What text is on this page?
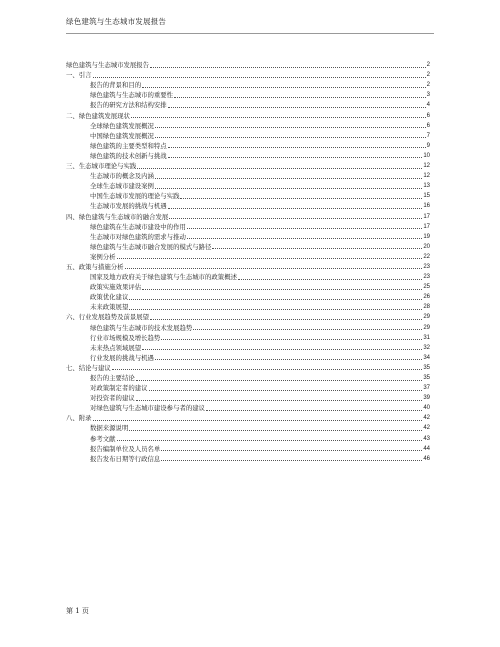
绿色建筑与生态城市发展报告
绿色建筑与生态城市发展报告	2
一、引言	2
报告的背景和目的	2
绿色建筑与生态城市的重要性	3
报告的研究方法和结构安排	4
二、绿色建筑发展现状	6
全球绿色建筑发展概况	6
中国绿色建筑发展概况	7
绿色建筑的主要类型和特点	9
绿色建筑的技术创新与挑战	10
三、生态城市理论与实践	12
生态城市的概念及内涵	12
全球生态城市建设案例	13
中国生态城市发展的理论与实践	15
生态城市发展的挑战与机遇	16
四、绿色建筑与生态城市的融合发展	17
绿色建筑在生态城市建设中的作用	17
生态城市对绿色建筑的需求与推动	19
绿色建筑与生态城市融合发展的模式与路径	20
案例分析	22
五、政策与措施分析	23
国家及地方政府关于绿色建筑与生态城市的政策概述	23
政策实施效果评估	25
政策优化建议	26
未来政策展望	28
六、行业发展趋势及前景展望	29
绿色建筑与生态城市的技术发展趋势	29
行业市场规模及增长趋势	31
未来热点领域展望	32
行业发展的挑战与机遇	34
七、结论与建议	35
报告的主要结论	35
对政策制定者的建议	37
对投资者的建议	39
对绿色建筑与生态城市建设参与者的建议	40
八、附录	42
数据来源说明	42
参考文献	43
报告编制单位及人员名单	44
报告发布日期等行政信息	46
第 1 页
